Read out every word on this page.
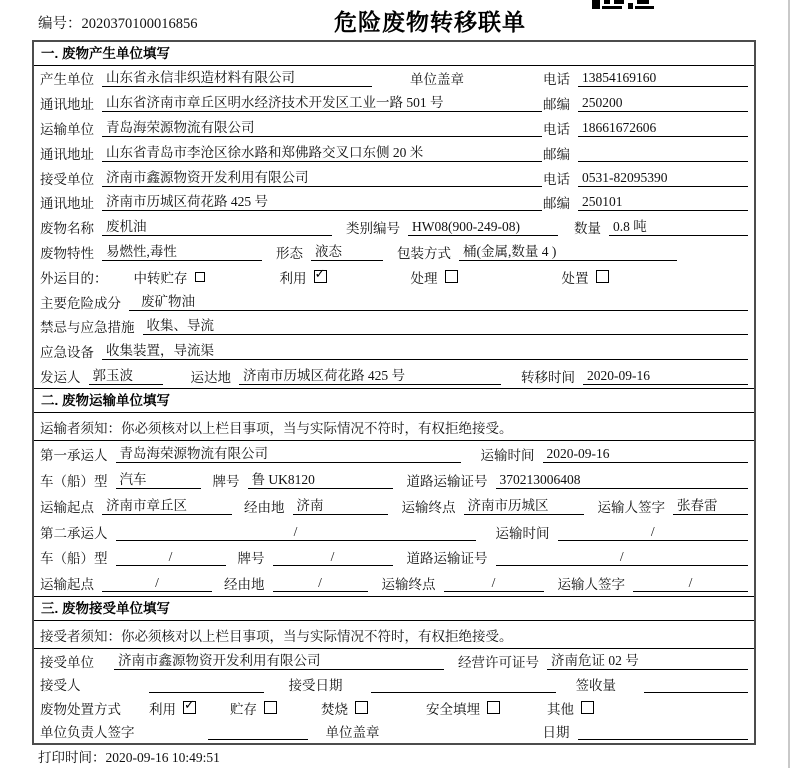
编号：2020370100016856	危险废物转移联单
一. 废物产生单位填写
产生单位 山东省永信非织造材料有限公司	单位盖章	电话 13854169160
通讯地址 山东省济南市章丘区明水经济技术开发区工业一路 501 号	邮编 250200
运输单位 青岛海荣源物流有限公司	电话 18661672606
通讯地址 山东省青岛市李沧区徐水路和郑佛路交叉口东侧 20 米	邮编
接受单位 济南市鑫源物资开发利用有限公司	电话 0531-82095390
通讯地址 济南市历城区荷花路 425 号	邮编 250101
废物名称 废机油	类别编号 HW08(900-249-08)	数量 0.8 吨
废物特性 易燃性,毒性	形态 液态	包装方式 桶(金属,数量 4 )
外运目的： 中转贮存	利用 ✓	处理	处置
主要危险成分	废矿物油
禁忌与应急措施 收集、导流
应急设备 收集装置，导流渠
发运人 郭玉波	运达地 济南市历城区荷花路 425 号	转移时间 2020-09-16
二. 废物运输单位填写
运输者须知：你必须核对以上栏目事项，当与实际情况不符时，有权拒绝接受。
第一承运人 青岛海荣源物流有限公司	运输时间 2020-09-16
车（船）型 汽车	牌号 鲁 UK8120	道路运输证号 370213006408
运输起点 济南市章丘区	经由地 济南	运输终点 济南市历城区	运输人签字 张春雷
第二承运人	/	运输时间	/
车（船）型	/	牌号	/	道路运输证号	/
运输起点	/	经由地	/	运输终点	/	运输人签字	/
三. 废物接受单位填写
接受者须知：你必须核对以上栏目事项，当与实际情况不符时，有权拒绝接受。
接受单位 济南市鑫源物资开发利用有限公司	经营许可证号 济南危证 02 号
接受人	接受日期	签收量
废物处置方式 利用 ✓	贮存	焚烧	安全填埋	其他
单位负责人签字	单位盖章	日期
打印时间：2020-09-16 10:49:51
